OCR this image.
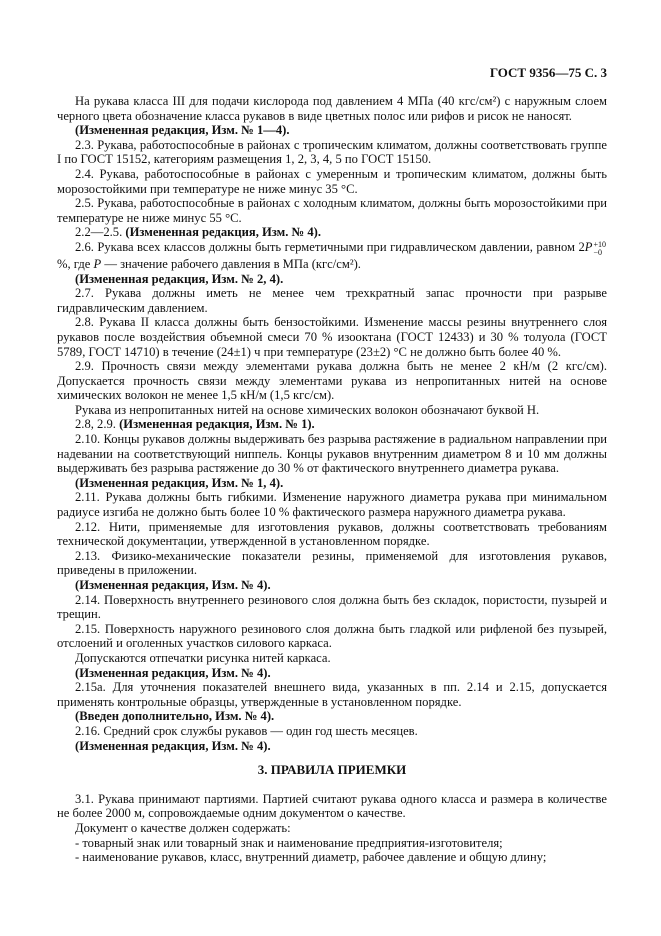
ГОСТ 9356—75 С. 3

На рукава класса III для подачи кислорода под давлением 4 МПа (40 кгс/см²) с наружным слоем черного цвета обозначение класса рукавов в виде цветных полос или рифов и рисок не наносят.

(Измененная редакция, Изм. № 1—4).

2.3. Рукава, работоспособные в районах с тропическим климатом, должны соответствовать группе I по ГОСТ 15152, категориям размещения 1, 2, 3, 4, 5 по ГОСТ 15150.

2.4. Рукава, работоспособные в районах с умеренным и тропическим климатом, должны быть морозостойкими при температуре не ниже минус 35 °С.

2.5. Рукава, работоспособные в районах с холодным климатом, должны быть морозостойкими при температуре не ниже минус 55 °С.

2.2—2.5. (Измененная редакция, Изм. № 4).

2.6. Рукава всех классов должны быть герметичными при гидравлическом давлении, равном 2P +10
−0
%, где P — значение рабочего давления в МПа (кгс/см²).

(Измененная редакция, Изм. № 2, 4).

2.7. Рукава должны иметь не менее чем трехкратный запас прочности при разрыве гидравлическим давлением.

2.8. Рукава II класса должны быть бензостойкими. Изменение массы резины внутреннего слоя рукавов после воздействия объемной смеси 70 % изооктана (ГОСТ 12433) и 30 % толуола (ГОСТ 5789, ГОСТ 14710) в течение (24±1) ч при температуре (23±2) °С не должно быть более 40 %.

2.9. Прочность связи между элементами рукава должна быть не менее 2 кН/м (2 кгс/см). Допускается прочность связи между элементами рукава из непропитанных нитей на основе химических волокон не менее 1,5 кН/м (1,5 кгс/см).

Рукава из непропитанных нитей на основе химических волокон обозначают буквой Н.

2.8, 2.9. (Измененная редакция, Изм. № 1).

2.10. Концы рукавов должны выдерживать без разрыва растяжение в радиальном направлении при надевании на соответствующий ниппель. Концы рукавов внутренним диаметром 8 и 10 мм должны выдерживать без разрыва растяжение до 30 % от фактического внутреннего диаметра рукава.

(Измененная редакция, Изм. № 1, 4).

2.11. Рукава должны быть гибкими. Изменение наружного диаметра рукава при минимальном радиусе изгиба не должно быть более 10 % фактического размера наружного диаметра рукава.

2.12. Нити, применяемые для изготовления рукавов, должны соответствовать требованиям технической документации, утвержденной в установленном порядке.

2.13. Физико-механические показатели резины, применяемой для изготовления рукавов, приведены в приложении.

(Измененная редакция, Изм. № 4).

2.14. Поверхность внутреннего резинового слоя должна быть без складок, пористости, пузырей и трещин.

2.15. Поверхность наружного резинового слоя должна быть гладкой или рифленой без пузырей, отслоений и оголенных участков силового каркаса.

Допускаются отпечатки рисунка нитей каркаса.

(Измененная редакция, Изм. № 4).

2.15а. Для уточнения показателей внешнего вида, указанных в пп. 2.14 и 2.15, допускается применять контрольные образцы, утвержденные в установленном порядке.

(Введен дополнительно, Изм. № 4).

2.16. Средний срок службы рукавов — один год шесть месяцев.

(Измененная редакция, Изм. № 4).

3. ПРАВИЛА ПРИЕМКИ

3.1. Рукава принимают партиями. Партией считают рукава одного класса и размера в количестве не более 2000 м, сопровождаемые одним документом о качестве.

Документ о качестве должен содержать:

- товарный знак или товарный знак и наименование предприятия-изготовителя;

- наименование рукавов, класс, внутренний диаметр, рабочее давление и общую длину;
